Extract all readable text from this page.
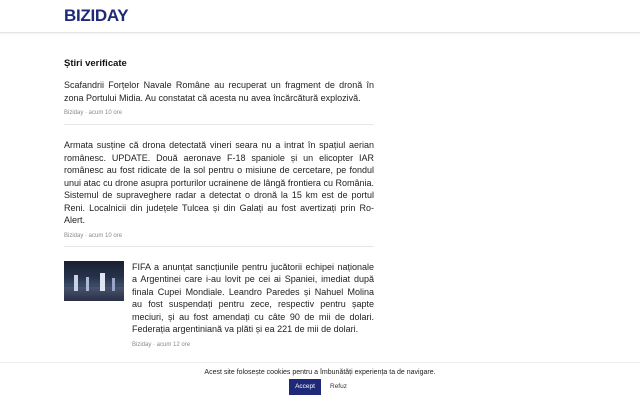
BIZIDAY
Știri verificate

Scafandrii Forțelor Navale Române au recuperat un fragment de dronă în zona Portului Midia. Au constatat că acesta nu avea încărcătură explozivă.

Biziday · acum 10 ore

Armata susține că drona detectată vineri seara nu a intrat în spațiul aerian românesc. UPDATE. Două aeronave F-18 spaniole și un elicopter IAR românesc au fost ridicate de la sol pentru o misiune de cercetare, pe fondul unui atac cu drone asupra porturilor ucrainene de lângă frontiera cu România. Sistemul de supraveghere radar a detectat o dronă la 15 km est de portul Reni. Localnicii din județele Tulcea și din Galați au fost avertizați prin Ro-Alert.

Biziday · acum 10 ore

FIFA a anunțat sancțiunile pentru jucătorii echipei naționale a Argentinei care i-au lovit pe cei ai Spaniei, imediat după finala Cupei Mondiale. Leandro Paredes și Nahuel Molina au fost suspendați pentru zece, respectiv pentru șapte meciuri, și au fost amendați cu câte 90 de mii de dolari. Federația argentiniană va plăti și ea 221 de mii de dolari.

Biziday · acum 12 ore
Acest site folosește cookies pentru a îmbunătăți experiența ta de navigare.
Accept	Refuz
